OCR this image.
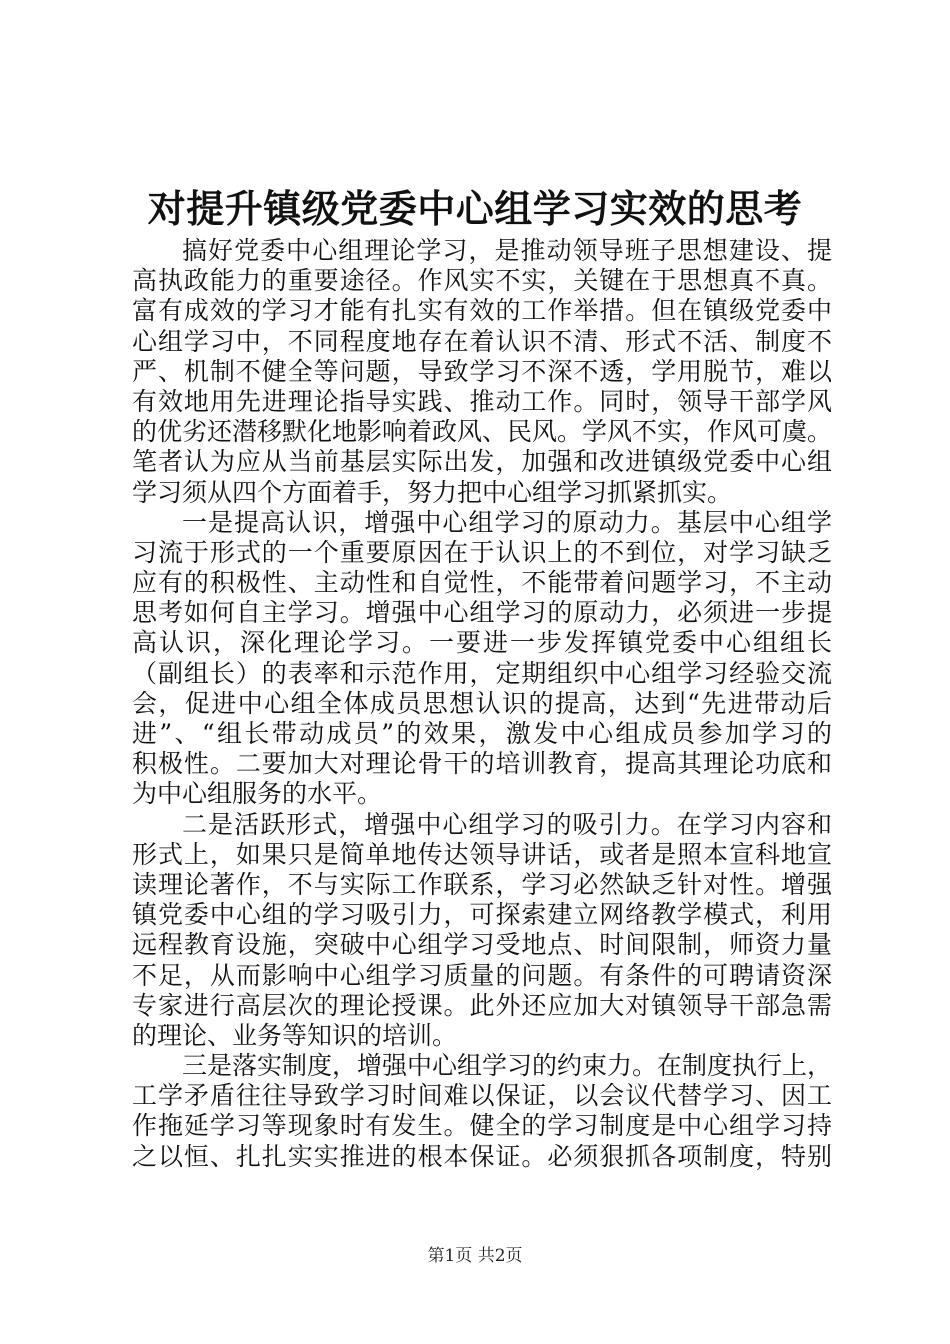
对提升镇级党委中心组学习实效的思考
搞好党委中心组理论学习，是推动领导班子思想建设、提
高执政能力的重要途径。作风实不实，关键在于思想真不真。
富有成效的学习才能有扎实有效的工作举措。但在镇级党委中
心组学习中，不同程度地存在着认识不清、形式不活、制度不
严、机制不健全等问题，导致学习不深不透，学用脱节，难以
有效地用先进理论指导实践、推动工作。同时，领导干部学风
的优劣还潜移默化地影响着政风、民风。学风不实，作风可虞。
笔者认为应从当前基层实际出发，加强和改进镇级党委中心组
学习须从四个方面着手，努力把中心组学习抓紧抓实。
一是提高认识，增强中心组学习的原动力。基层中心组学
习流于形式的一个重要原因在于认识上的不到位，对学习缺乏
应有的积极性、主动性和自觉性，不能带着问题学习，不主动
思考如何自主学习。增强中心组学习的原动力，必须进一步提
高认识，深化理论学习。一要进一步发挥镇党委中心组组长
（副组长）的表率和示范作用，定期组织中心组学习经验交流
会，促进中心组全体成员思想认识的提高，达到“先进带动后
进”、“组长带动成员”的效果，激发中心组成员参加学习的
积极性。二要加大对理论骨干的培训教育，提高其理论功底和
为中心组服务的水平。
二是活跃形式，增强中心组学习的吸引力。在学习内容和
形式上，如果只是简单地传达领导讲话，或者是照本宣科地宣
读理论著作，不与实际工作联系，学习必然缺乏针对性。增强
镇党委中心组的学习吸引力，可探索建立网络教学模式，利用
远程教育设施，突破中心组学习受地点、时间限制，师资力量
不足，从而影响中心组学习质量的问题。有条件的可聘请资深
专家进行高层次的理论授课。此外还应加大对镇领导干部急需
的理论、业务等知识的培训。
三是落实制度，增强中心组学习的约束力。在制度执行上，
工学矛盾往往导致学习时间难以保证，以会议代替学习、因工
作拖延学习等现象时有发生。健全的学习制度是中心组学习持
之以恒、扎扎实实推进的根本保证。必须狠抓各项制度，特别
第1页 共2页
